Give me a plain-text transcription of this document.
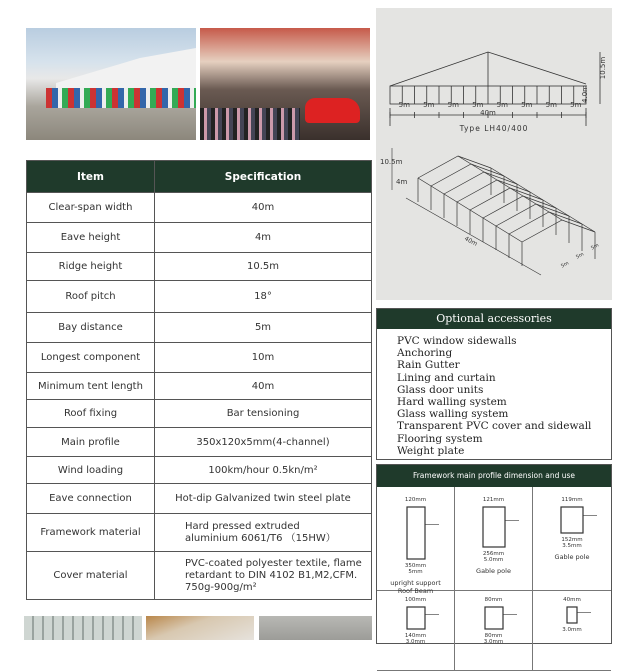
Item	Specification
Clear-span width	40m
Eave height	4m
Ridge height	10.5m
Roof pitch	18°
Bay distance	5m
Longest component	10m
Minimum tent length	40m
Roof fixing	Bar tensioning
Main profile	350x120x5mm(4-channel)
Wind loading	100km/hour 0.5kn/m²
Eave connection	Hot-dip Galvanized twin steel plate
Framework material	Hard pressed extruded
aluminium 6061/T6 （15HW）

Cover material	PVC-coated polyester textile, flame
retardant to DIN 4102 B1,M2,CFM.
750g-900g/m²
5m	5m	5m	5m	5m	5m	5m	5m
40m
10.5m
4.0m
Type LH40/400
10.5m
4m
40m
5m
5m
5m
Optional accessories
PVC window sidewalls
Anchoring
Rain Gutter
Lining and curtain
Glass door units
Hard walling system
Glass walling system
Transparent PVC cover and sidewall
Flooring system
Weight plate
Framework main profile dimension and use
120mm
350mm
5mm
upright support
Roof Beam
121mm
256mm
5.0mm
Gable pole
119mm
152mm
3.5mm
Gable pole
100mm
140mm
3.0mm
80mm
80mm
3.0mm
40mm
3.0mm
